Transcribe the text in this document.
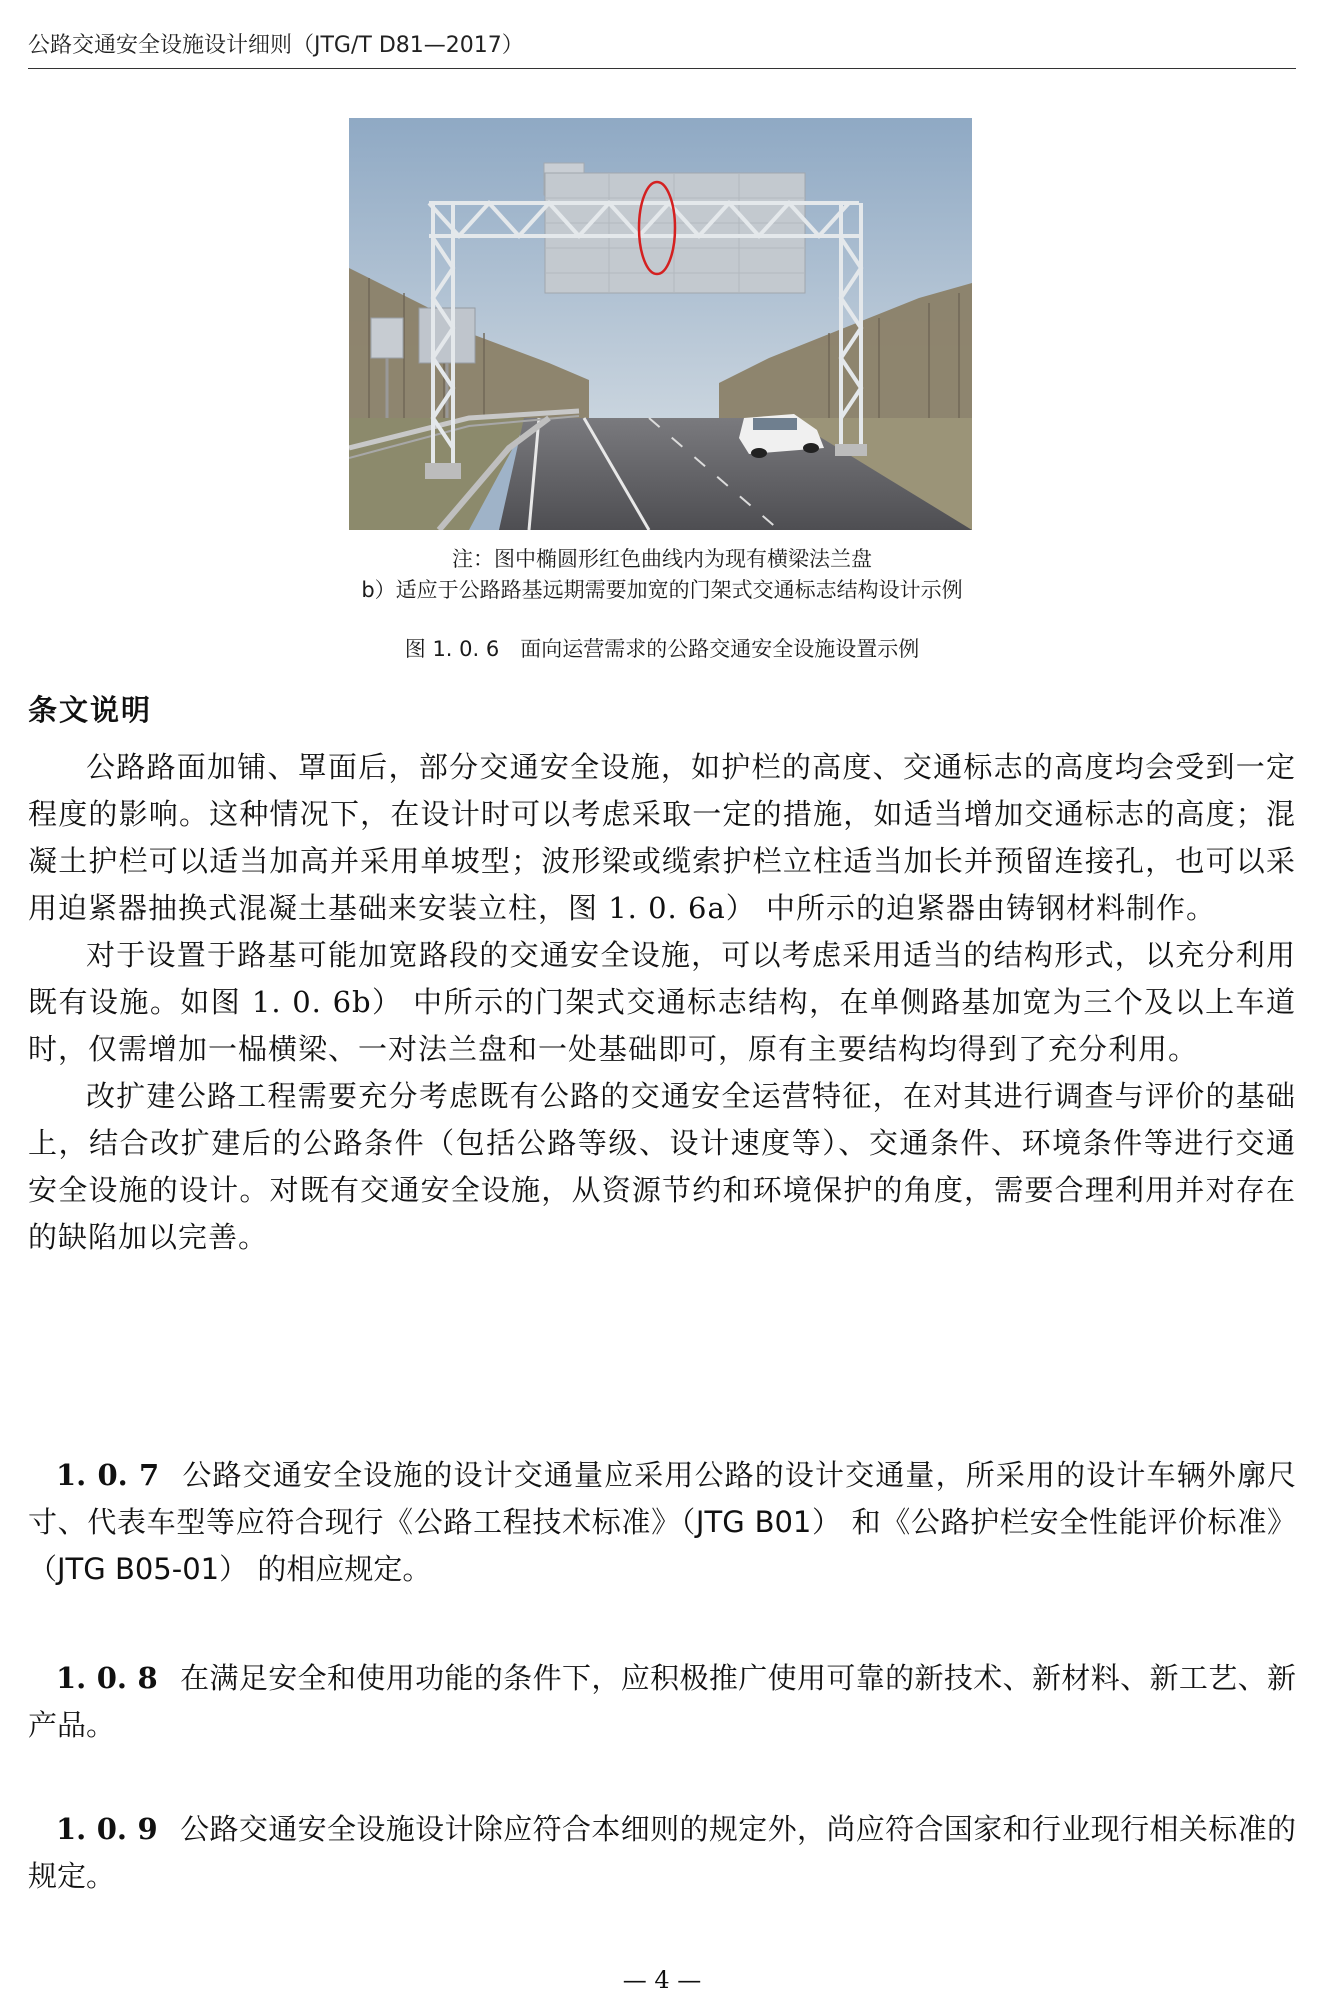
公路交通安全设施设计细则（JTG/T D81—2017）
注：图中椭圆形红色曲线内为现有横梁法兰盘
b）适应于公路路基远期需要加宽的门架式交通标志结构设计示例
图 1. 0. 6　面向运营需求的公路交通安全设施设置示例
条文说明

公路路面加铺、罩面后，部分交通安全设施，如护栏的高度、交通标志的高度均会受到一定程度的影响。这种情况下，在设计时可以考虑采取一定的措施，如适当增加交通标志的高度；混凝土护栏可以适当加高并采用单坡型；波形梁或缆索护栏立柱适当加长并预留连接孔，也可以采用迫紧器抽换式混凝土基础来安装立柱，图 1. 0. 6a） 中所示的迫紧器由铸钢材料制作。

对于设置于路基可能加宽路段的交通安全设施，可以考虑采用适当的结构形式，以充分利用既有设施。如图 1. 0. 6b） 中所示的门架式交通标志结构，在单侧路基加宽为三个及以上车道时，仅需增加一榀横梁、一对法兰盘和一处基础即可，原有主要结构均得到了充分利用。

改扩建公路工程需要充分考虑既有公路的交通安全运营特征，在对其进行调查与评价的基础上，结合改扩建后的公路条件（包括公路等级、设计速度等）、交通条件、环境条件等进行交通安全设施的设计。对既有交通安全设施，从资源节约和环境保护的角度，需要合理利用并对存在的缺陷加以完善。

1. 0. 7 公路交通安全设施的设计交通量应采用公路的设计交通量，所采用的设计车辆外廓尺寸、代表车型等应符合现行《公路工程技术标准》（JTG B01） 和《公路护栏安全性能评价标准》（JTG B05-01） 的相应规定。
1. 0. 8 在满足安全和使用功能的条件下，应积极推广使用可靠的新技术、新材料、新工艺、新产品。
1. 0. 9 公路交通安全设施设计除应符合本细则的规定外，尚应符合国家和行业现行相关标准的规定。
— 4 —
